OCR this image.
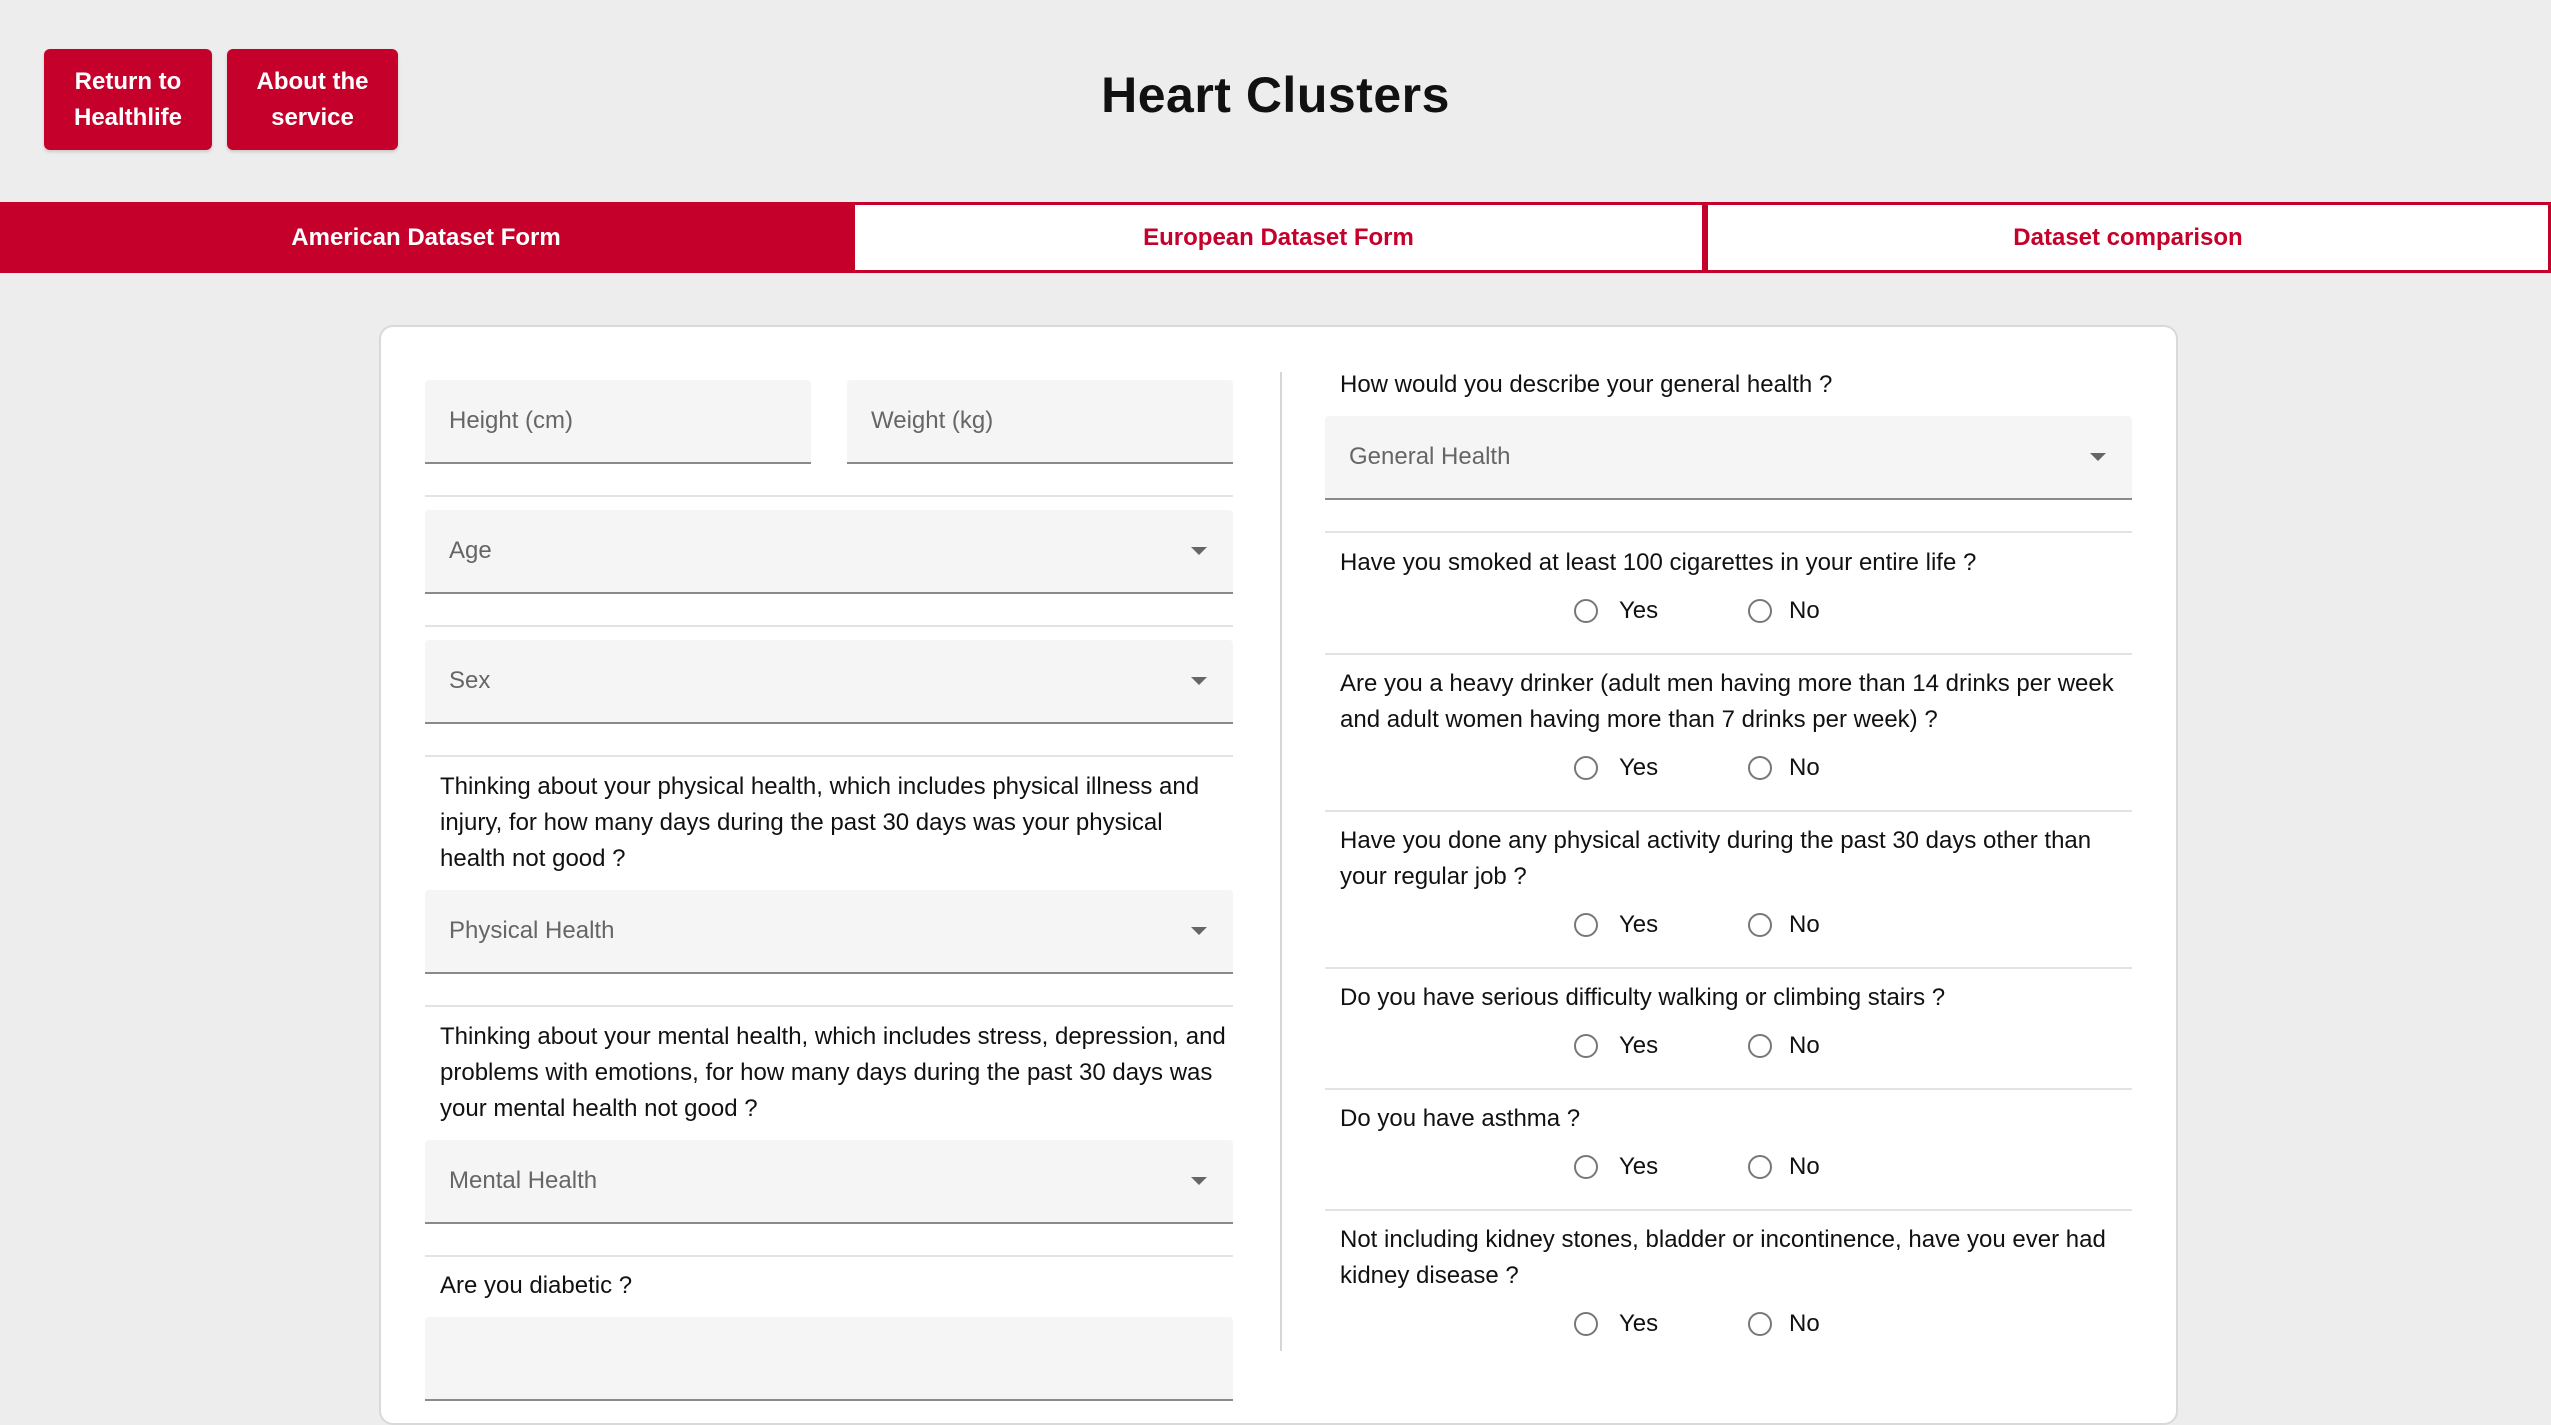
Return to
Healthlife
About the
service	Heart Clusters
American Dataset Form	European Dataset Form	Dataset comparison
Height (cm)	Weight (kg)
Age
Sex
Thinking about your physical health, which includes physical illness and injury, for how many days during the past 30 days was your physical health not good ?
Physical Health
Thinking about your mental health, which includes stress, depression, and problems with emotions, for how many days during the past 30 days was your mental health not good ?
Mental Health
Are you diabetic ?
How would you describe your general health ?
General Health
Have you smoked at least 100 cigarettes in your entire life ?
Yes	No
Are you a heavy drinker (adult men having more than 14 drinks per week and adult women having more than 7 drinks per week) ?
Yes	No
Have you done any physical activity during the past 30 days other than your regular job ?
Yes	No
Do you have serious difficulty walking or climbing stairs ?
Yes	No
Do you have asthma ?
Yes	No
Not including kidney stones, bladder or incontinence, have you ever had kidney disease ?
Yes	No
